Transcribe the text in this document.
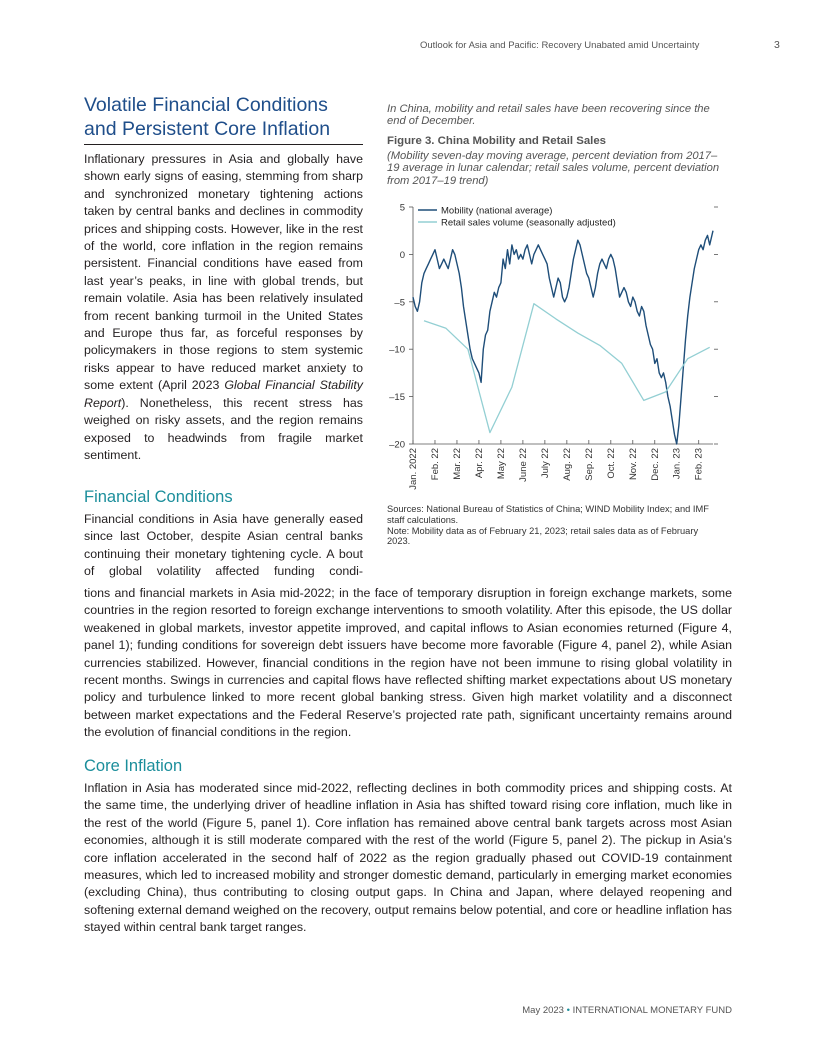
Outlook for Asia and Pacific: Recovery Unabated amid Uncertainty	3
Volatile Financial Conditions and Persistent Core Inflation

Inflationary pressures in Asia and globally have shown early signs of easing, stemming from sharp and synchronized monetary tightening actions taken by central banks and declines in commodity prices and shipping costs. However, like in the rest of the world, core inflation in the region remains persistent. Financial conditions have eased from last year’s peaks, in line with global trends, but remain volatile. Asia has been relatively insulated from recent banking turmoil in the United States and Europe thus far, as forceful responses by policymakers in those regions to stem systemic risks appear to have reduced market anxiety to some extent (April 2023 Global Financial Stability Report). Nonetheless, this recent stress has weighed on risky assets, and the region remains exposed to headwinds from fragile market sentiment.

Financial Conditions

Financial conditions in Asia have generally eased since last October, despite Asian central banks continuing their monetary tightening cycle. A bout of global volatility affected funding condi-

tions and financial markets in Asia mid-2022; in the face of temporary disruption in foreign exchange markets, some countries in the region resorted to foreign exchange interventions to smooth volatility. After this episode, the US dollar weakened in global markets, investor appetite improved, and capital inflows to Asian economies returned (Figure 4, panel 1); funding conditions for sovereign debt issuers have become more favorable (Figure 4, panel 2), while Asian currencies stabilized. However, financial conditions in the region have not been immune to rising global volatility in recent months. Swings in currencies and capital flows have reflected shifting market expectations about US monetary policy and turbulence linked to more recent global banking stress. Given high market volatility and a disconnect between market expectations and the Federal Reserve’s projected rate path, significant uncertainty remains around the evolution of financial conditions in the region.

Core Inflation

Inflation in Asia has moderated since mid-2022, reflecting declines in both commodity prices and shipping costs. At the same time, the underlying driver of headline inflation in Asia has shifted toward rising core inflation, much like in the rest of the world (Figure 5, panel 1). Core inflation has remained above central bank targets across most Asian economies, although it is still moderate compared with the rest of the world (Figure 5, panel 2). The pickup in Asia’s core inflation accelerated in the second half of 2022 as the region gradually phased out COVID-19 containment measures, which led to increased mobility and stronger domestic demand, particularly in emerging market economies (excluding China), thus contributing to closing output gaps. In China and Japan, where delayed reopening and softening external demand weighed on the recovery, output remains below potential, and core or headline inflation has stayed within central bank target ranges.

In China, mobility and retail sales have been recovering since the end of December.
Figure 3. China Mobility and Retail Sales
(Mobility seven-day moving average, percent deviation from 2017–19 average in lunar calendar; retail sales volume, percent deviation from 2017–19 trend)
5
0
–5
–10
–15
–20
Jan. 2022 Feb. 22 Mar. 22 Apr. 22 May 22 June 22 July 22 Aug. 22 Sep. 22 Oct. 22 Nov. 22 Dec. 22 Jan. 23 Feb. 23
Mobility (national average)
Retail sales volume (seasonally adjusted)
Sources: National Bureau of Statistics of China; WIND Mobility Index; and IMF staff calculations.
Note: Mobility data as of February 21, 2023; retail sales data as of February 2023.
May 2023 • INTERNATIONAL MONETARY FUND
